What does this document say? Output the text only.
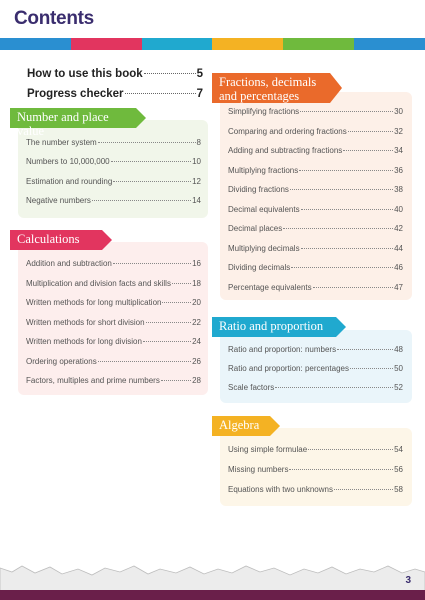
Contents
How to use this book	5
Progress checker	7
Number and place value
The number system	8
Numbers to 10,000,000	10
Estimation and rounding	12
Negative numbers	14
Calculations
Addition and subtraction	16
Multiplication and division facts and skills	18
Written methods for long multiplication	20
Written methods for short division	22
Written methods for long division	24
Ordering operations	26
Factors, multiples and prime numbers	28
Fractions, decimals
and percentages
Simplifying fractions	30
Comparing and ordering fractions	32
Adding and subtracting fractions	34
Multiplying fractions	36
Dividing fractions	38
Decimal equivalents	40
Decimal places	42
Multiplying decimals	44
Dividing decimals	46
Percentage equivalents	47
Ratio and proportion
Ratio and proportion: numbers	48
Ratio and proportion: percentages	50
Scale factors	52
Algebra
Using simple formulae	54
Missing numbers	56
Equations with two unknowns	58
3
